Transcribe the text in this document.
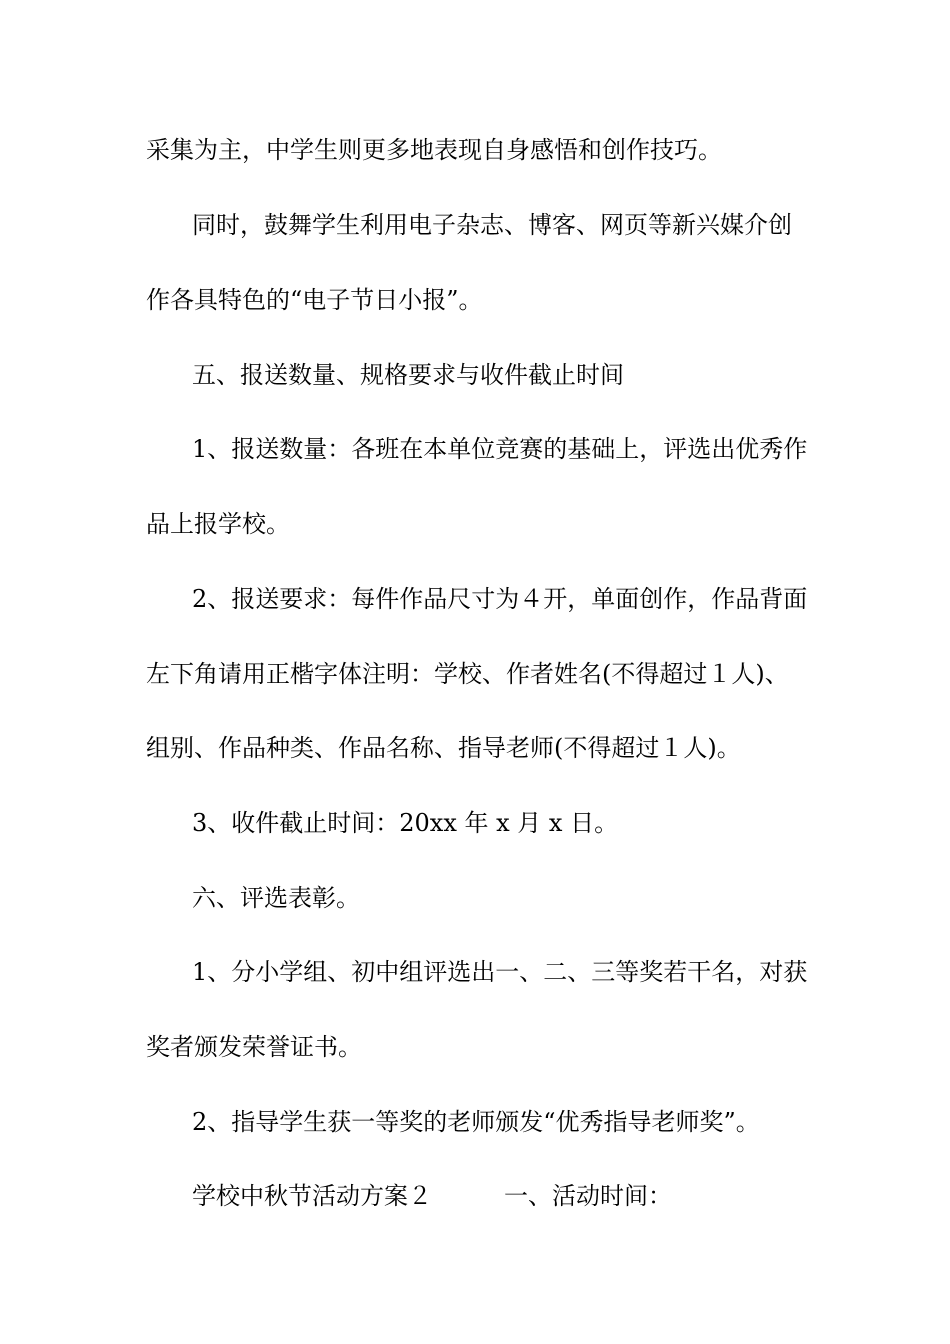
采集为主，中学生则更多地表现自身感悟和创作技巧。
同时，鼓舞学生利用电子杂志、博客、网页等新兴媒介创
作各具特色的“电子节日小报”。
五、报送数量、规格要求与收件截止时间
1、报送数量：各班在本单位竞赛的基础上，评选出优秀作
品上报学校。
2、报送要求：每件作品尺寸为４开，单面创作，作品背面
左下角请用正楷字体注明：学校、作者姓名(不得超过１人)、
组别、作品种类、作品名称、指导老师(不得超过１人)。
3、收件截止时间：20xx 年 x 月 x 日。
六、评选表彰。
1、分小学组、初中组评选出一、二、三等奖若干名，对获
奖者颁发荣誉证书。
2、指导学生获一等奖的老师颁发“优秀指导老师奖”。
学校中秋节活动方案２　　　一、活动时间：
